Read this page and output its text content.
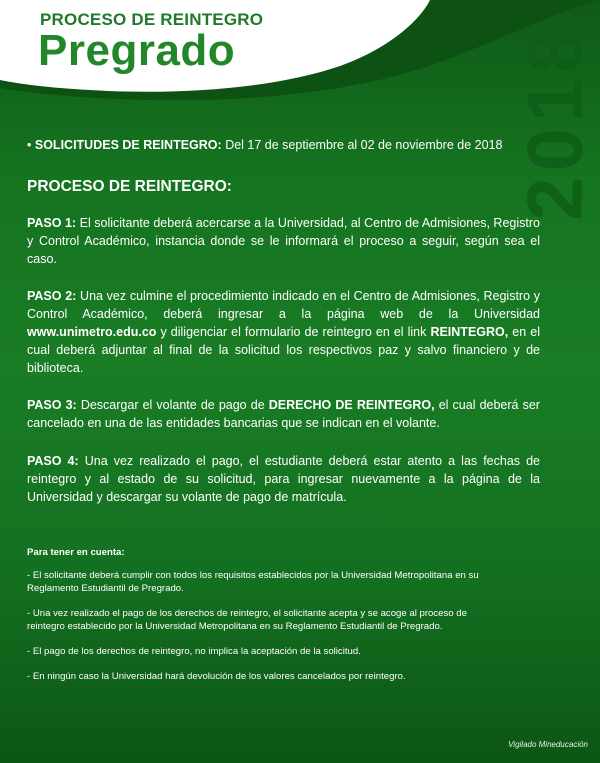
PROCESO DE REINTEGRO
Pregrado	2018

• SOLICITUDES DE REINTEGRO: Del 17 de septiembre al 02 de noviembre de 2018

PROCESO DE REINTEGRO:

PASO 1: El solicitante deberá acercarse a la Universidad, al Centro de Admisiones, Registro y Control Académico, instancia donde se le informará el proceso a seguir, según sea el caso.

PASO 2: Una vez culmine el procedimiento indicado en el Centro de Admisiones, Registro y Control Académico, deberá ingresar a la página web de la Universidad www.unimetro.edu.co y diligenciar el formulario de reintegro en el link REINTEGRO, en el cual deberá adjuntar al final de la solicitud los respectivos paz y salvo financiero y de biblioteca.

PASO 3: Descargar el volante de pago de DERECHO DE REINTEGRO, el cual deberá ser cancelado en una de las entidades bancarias que se indican en el volante.

PASO 4: Una vez realizado el pago, el estudiante deberá estar atento a las fechas de reintegro y al estado de su solicitud, para ingresar nuevamente a la página de la Universidad y descargar su volante de pago de matrícula.

Para tener en cuenta:

- El solicitante deberá cumplir con todos los requisitos establecidos por la Universidad Metropolitana en su Reglamento Estudiantil de Pregrado.

- Una vez realizado el pago de los derechos de reintegro, el solicitante acepta y se acoge al proceso de reintegro establecido por la Universidad Metropolitana en su Reglamento Estudiantil de Pregrado.

- El pago de los derechos de reintegro, no implica la aceptación de la solicitud.

- En ningún caso la Universidad hará devolución de los valores cancelados por reintegro.

Vigilado Mineducación
